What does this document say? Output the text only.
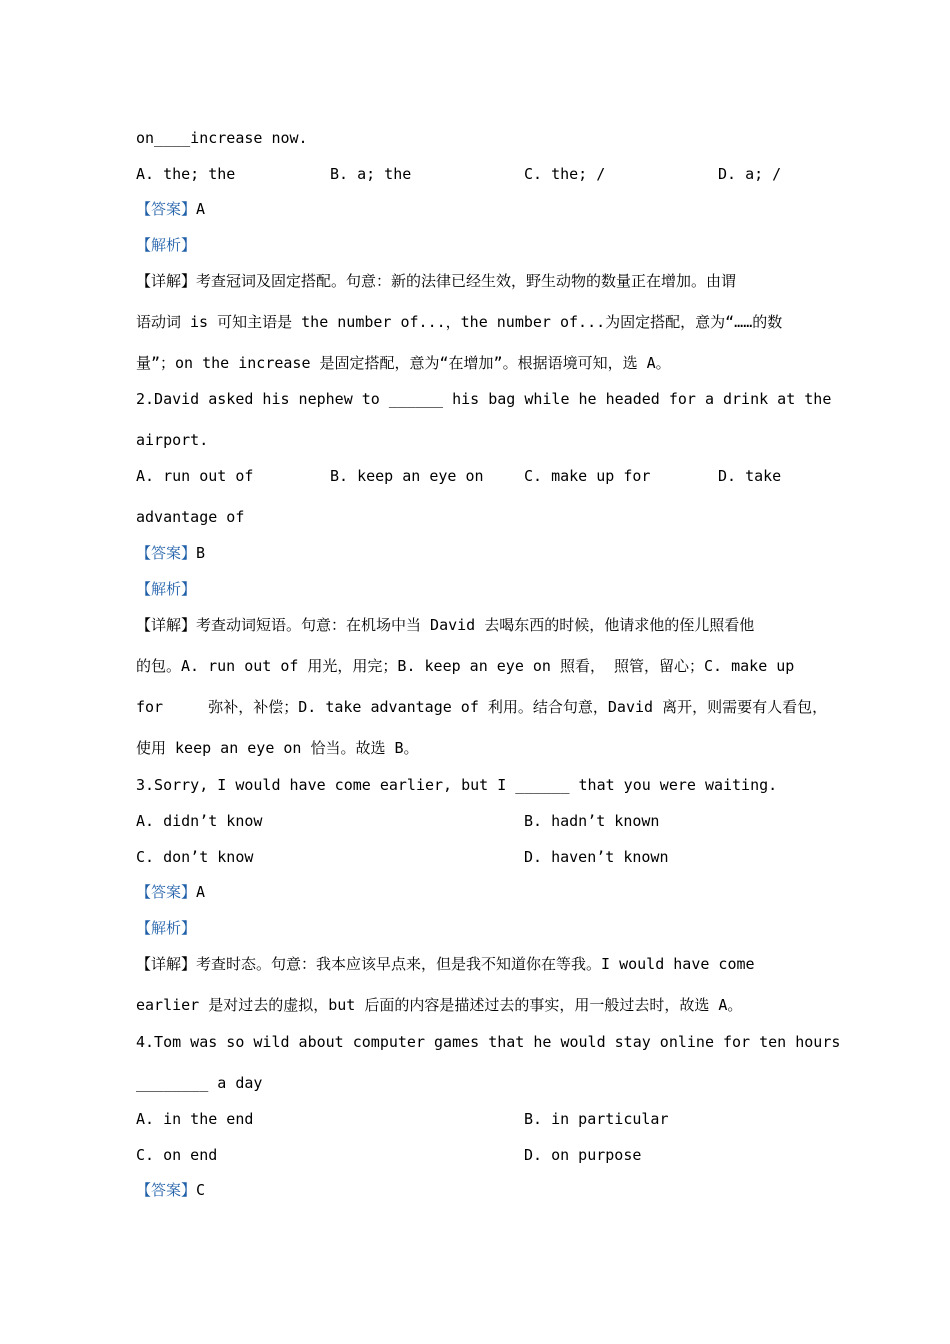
on____increase now.
A. the; the	B. a; the	C. the; /	D. a; /
【答案】A
【解析】
【详解】考查冠词及固定搭配。句意：新的法律已经生效，野生动物的数量正在增加。由谓
语动词 is 可知主语是 the number of...，the number of...为固定搭配，意为“……的数
量”；on the increase 是固定搭配，意为“在增加”。根据语境可知，选 A。
2.David asked his nephew to ______ his bag while he headed for a drink at the
airport.
A. run out of	B. keep an eye on	C. make up for	D. take
advantage of
【答案】B
【解析】
【详解】考查动词短语。句意：在机场中当 David 去喝东西的时候，他请求他的侄儿照看他
的包。A. run out of 用光，用完；B. keep an eye on 照看， 照管，留心；C. make up
for     弥补，补偿；D. take advantage of 利用。结合句意，David 离开，则需要有人看包，
使用 keep an eye on 恰当。故选 B。
3.Sorry, I would have come earlier, but I ______ that you were waiting.
A. didn’t know	B. hadn’t known
C. don’t know	D. haven’t known
【答案】A
【解析】
【详解】考查时态。句意：我本应该早点来，但是我不知道你在等我。I would have come
earlier 是对过去的虚拟，but 后面的内容是描述过去的事实，用一般过去时，故选 A。
4.Tom was so wild about computer games that he would stay online for ten hours
________ a day
A. in the end	B. in particular
C. on end	D. on purpose
【答案】C
